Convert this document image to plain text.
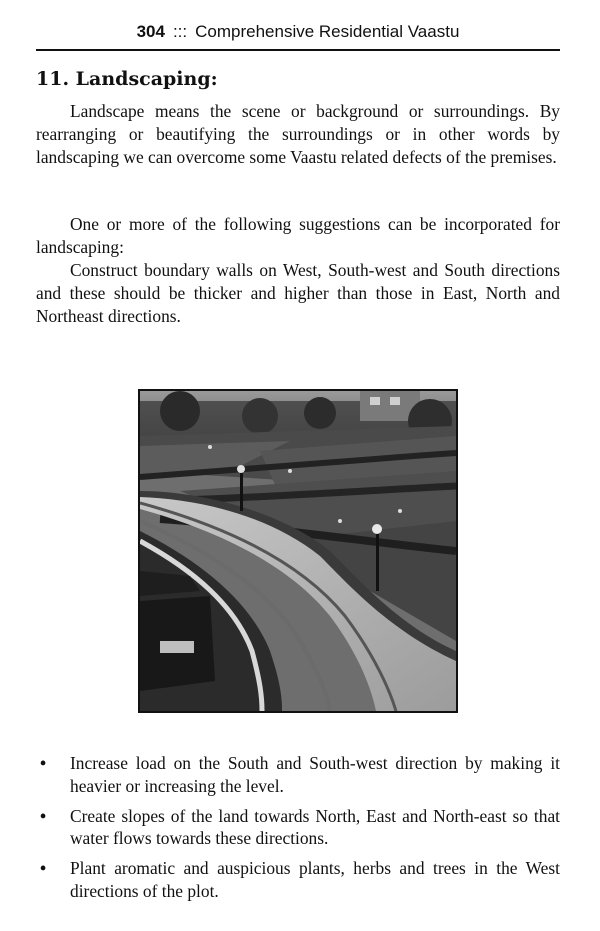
304 ::: Comprehensive Residential Vaastu
11. Landscaping:

Landscape means the scene or background or surroundings. By rearranging or beautifying the surroundings or in other words by landscaping we can overcome some Vaastu related defects of the premises.

One or more of the following suggestions can be incorporated for landscaping:

Construct boundary walls on West, South-west and South directions and these should be thicker and higher than those in East, North and Northeast directions.

• Increase load on the South and South-west direction by making it heavier or increasing the level.
• Create slopes of the land towards North, East and North-east so that water flows towards these directions.
• Plant aromatic and auspicious plants, herbs and trees in the West directions of the plot.
